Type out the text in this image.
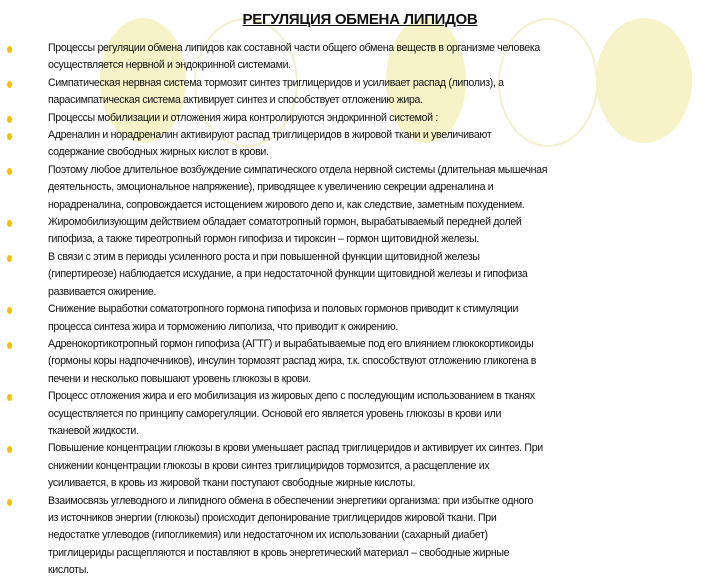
РЕГУЛЯЦИЯ ОБМЕНА ЛИПИДОВ
Процессы регуляции обмена липидов как составной части общего обмена веществ в организме человека
осуществляется нервной и эндокринной системами.
Симпатическая нервная система тормозит синтез триглицеридов и усиливает распад (липолиз), а
парасимпатическая система активирует синтез и способствует отложению жира.
Процессы мобилизации и отложения жира контролируются эндокринной системой :
Адреналин и норадреналин активируют распад триглицеридов в жировой ткани и увеличивают
содержание свободных жирных кислот в крови.
Поэтому любое длительное возбуждение симпатического отдела нервной системы (длительная мышечная
деятельность, эмоциональное напряжение), приводящее к увеличению секреции адреналина и
норадреналина, сопровождается истощением жирового депо и, как следствие, заметным похудением.
Жиромобилизующим действием обладает соматотропный гормон, вырабатываемый передней долей
гипофиза, а также тиреотропный гормон гипофиза и тироксин – гормон щитовидной железы.
В связи с этим в периоды усиленного роста и при повышенной функции щитовидной железы
(гипертиреозе) наблюдается исхудание, а при недостаточной функции щитовидной железы и гипофиза
развивается ожирение.
Снижение выработки соматотропного гормона гипофиза и половых гормонов приводит к стимуляции
процесса синтеза жира и торможению липолиза, что приводит к ожирению.
Адренокортикотропный гормон гипофиза (АГТГ) и вырабатываемые под его влиянием глюкокортикоиды
(гормоны коры надпочечников), инсулин тормозят распад жира, т.к. способствуют отложению гликогена в
печени и несколько повышают уровень глюкозы в крови.
Процесс отложения жира и его мобилизация из жировых депо с последующим использованием в тканях
осуществляется по принципу саморегуляции. Основой его является уровень глюкозы в крови или
тканевой жидкости.
Повышение концентрации глюкозы в крови уменьшает распад триглицеридов и активирует их синтез. При
снижении концентрации глюкозы в крови синтез триглициридов тормозится, а расщепление их
усиливается, в кровь из жировой ткани поступают свободные жирные кислоты.
Взаимосвязь углеводного и липидного обмена в обеспечении энергетики организма: при избытке одного
из источников энергии (глюкозы) происходит депонирование триглицеридов жировой ткани. При
недостатке углеводов (гипогликемия) или недостаточном их использовании (сахарный диабет)
триглицериды расщепляются и поставляют в кровь энергетический материал – свободные жирные
кислоты.
